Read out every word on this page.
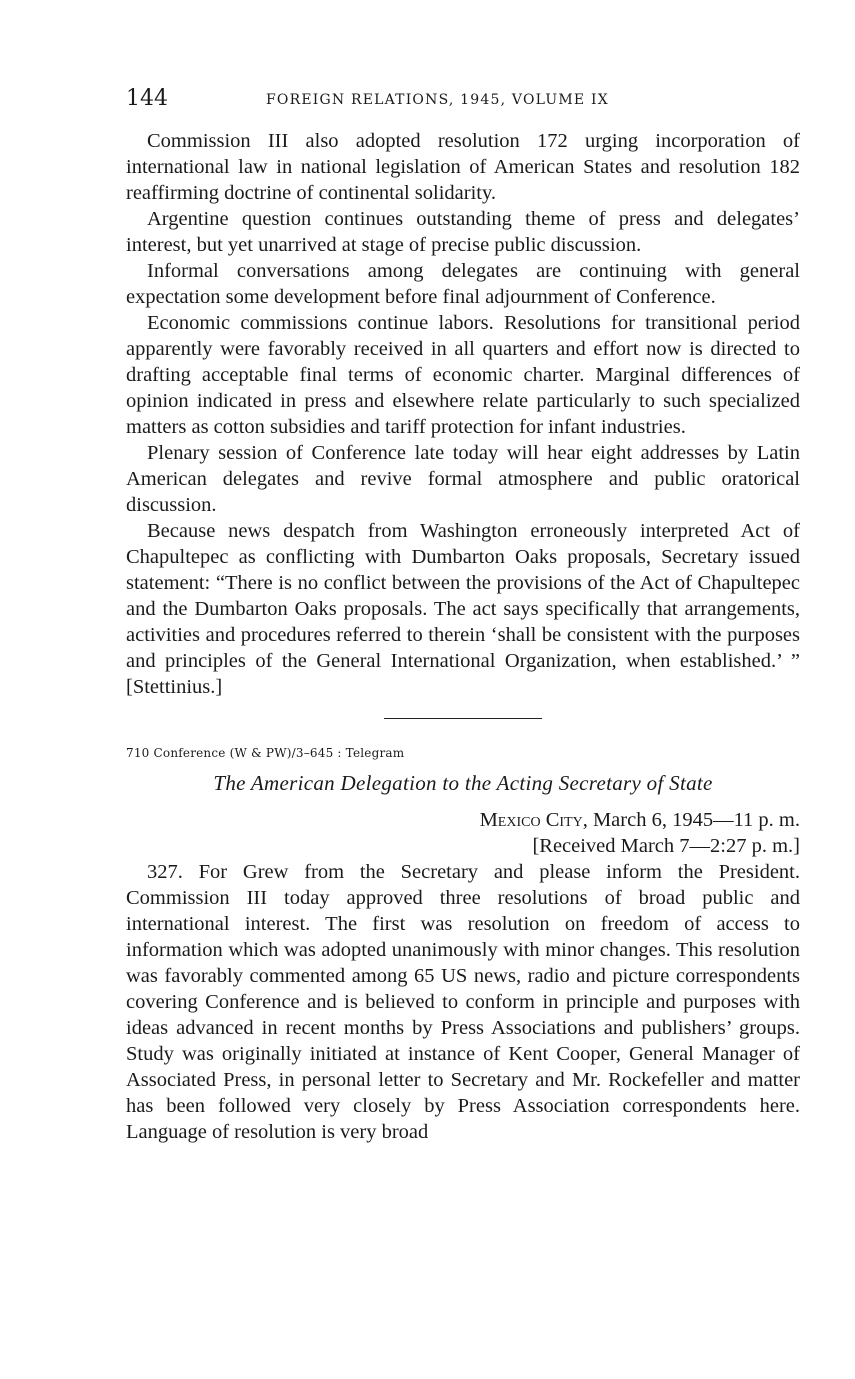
144	FOREIGN RELATIONS, 1945, VOLUME IX

Commission III also adopted resolution 172 urging incorporation of international law in national legislation of American States and resolution 182 reaffirming doctrine of continental solidarity.

Argentine question continues outstanding theme of press and delegates’ interest, but yet unarrived at stage of precise public discussion.

Informal conversations among delegates are continuing with general expectation some development before final adjournment of Conference.

Economic commissions continue labors. Resolutions for transitional period apparently were favorably received in all quarters and effort now is directed to drafting acceptable final terms of economic charter. Marginal differences of opinion indicated in press and elsewhere relate particularly to such specialized matters as cotton subsidies and tariff protection for infant industries.

Plenary session of Conference late today will hear eight addresses by Latin American delegates and revive formal atmosphere and public oratorical discussion.

Because news despatch from Washington erroneously interpreted Act of Chapultepec as conflicting with Dumbarton Oaks proposals, Secretary issued statement: “There is no conflict between the provisions of the Act of Chapultepec and the Dumbarton Oaks proposals. The act says specifically that arrangements, activities and procedures referred to therein ‘shall be consistent with the purposes and principles of the General International Organization, when established.’ ” [Stettinius.]

710 Conference (W & PW)/3–645 : Telegram
The American Delegation to the Acting Secretary of State
Mexico City, March 6, 1945—11 p. m.
[Received March 7—2:27 p. m.]

327. For Grew from the Secretary and please inform the President. Commission III today approved three resolutions of broad public and international interest. The first was resolution on freedom of access to information which was adopted unanimously with minor changes. This resolution was favorably commented among 65 US news, radio and picture correspondents covering Conference and is believed to conform in principle and purposes with ideas advanced in recent months by Press Associations and publishers’ groups. Study was originally initiated at instance of Kent Cooper, General Manager of Associated Press, in personal letter to Secretary and Mr. Rockefeller and matter has been followed very closely by Press Association correspondents here. Language of resolution is very broad
